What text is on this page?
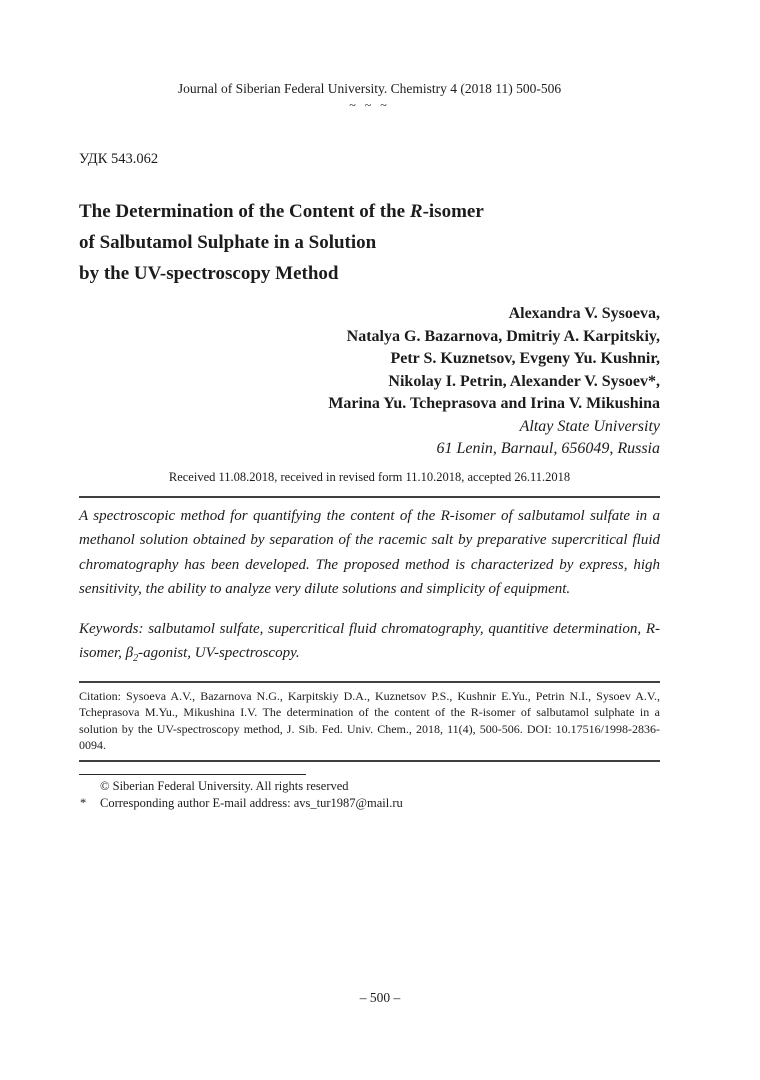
Journal of Siberian Federal University. Chemistry 4 (2018 11) 500-506
~ ~ ~
УДК 543.062
The Determination of the Content of the R-isomer
of Salbutamol Sulphate in a Solution
by the UV-spectroscopy Method
Alexandra V. Sysoeva,
Natalya G. Bazarnova, Dmitriy A. Karpitskiy,
Petr S. Kuznetsov, Evgeny Yu. Kushnir,
Nikolay I. Petrin, Alexander V. Sysoev*,
Marina Yu. Tcheprasova and Irina V. Mikushina
Altay State University
61 Lenin, Barnaul, 656049, Russia
Received 11.08.2018, received in revised form 11.10.2018, accepted 26.11.2018

A spectroscopic method for quantifying the content of the R-isomer of salbutamol sulfate in a methanol solution obtained by separation of the racemic salt by preparative supercritical fluid chromatography has been developed. The proposed method is characterized by express, high sensitivity, the ability to analyze very dilute solutions and simplicity of equipment.

Keywords: salbutamol sulfate, supercritical fluid chromatography, quantitive determination, R-isomer, $\beta_2$-agonist, UV-spectroscopy.

Citation: Sysoeva A.V., Bazarnova N.G., Karpitskiy D.A., Kuznetsov P.S., Kushnir E.Yu., Petrin N.I., Sysoev A.V., Tcheprasova M.Yu., Mikushina I.V. The determination of the content of the R-isomer of salbutamol sulphate in a solution by the UV-spectroscopy method, J. Sib. Fed. Univ. Chem., 2018, 11(4), 500-506. DOI: 10.17516/1998-2836-0094.

© Siberian Federal University. All rights reserved
* Corresponding author E-mail address: avs_tur1987@mail.ru
– 500 –
